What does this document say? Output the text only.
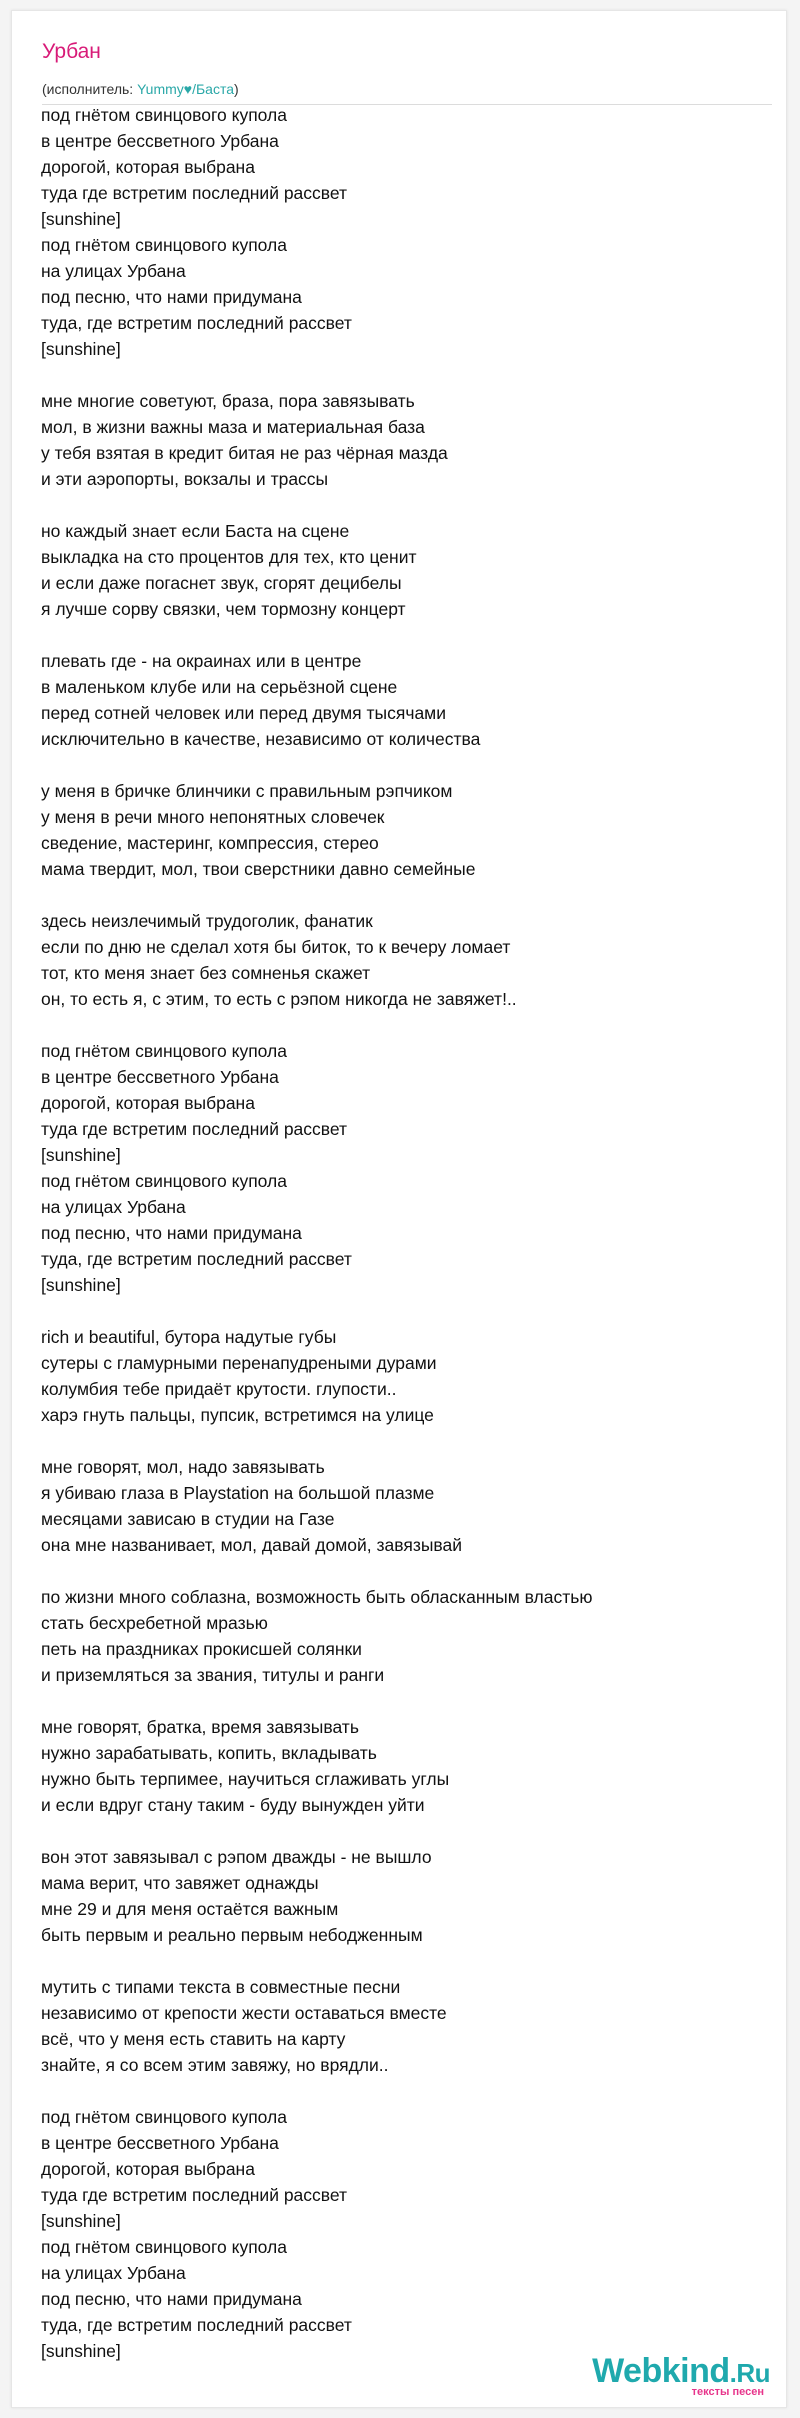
Урбан
(исполнитель: Yummy♥/Баста)
под гнётом свинцового купола
в центре бессветного Урбана
дорогой, которая выбрана
туда где встретим последний рассвет
[sunshine]
под гнётом свинцового купола
на улицах Урбана
под песню, что нами придумана
туда, где встретим последний рассвет
[sunshine]
мне многие советуют, браза, пора завязывать
мол, в жизни важны маза и материальная база
у тебя взятая в кредит битая не раз чёрная мазда
и эти аэропорты, вокзалы и трассы
но каждый знает если Баста на сцене
выкладка на сто процентов для тех, кто ценит
и если даже погаснет звук, сгорят децибелы
я лучше сорву связки, чем тормозну концерт
плевать где - на окраинах или в центре
в маленьком клубе или на серьёзной сцене
перед сотней человек или перед двумя тысячами
исключительно в качестве, независимо от количества
у меня в бричке блинчики с правильным рэпчиком
у меня в речи много непонятных словечек
сведение, мастеринг, компрессия, стерео
мама твердит, мол, твои сверстники давно семейные
здесь неизлечимый трудоголик, фанатик
если по дню не сделал хотя бы биток, то к вечеру ломает
тот, кто меня знает без сомненья скажет
он, то есть я, с этим, то есть с рэпом никогда не завяжет!..
под гнётом свинцового купола
в центре бессветного Урбана
дорогой, которая выбрана
туда где встретим последний рассвет
[sunshine]
под гнётом свинцового купола
на улицах Урбана
под песню, что нами придумана
туда, где встретим последний рассвет
[sunshine]
rich и beautiful, бутора надутые губы
сутеры с гламурными перенапудреными дурами
колумбия тебе придаёт крутости. глупости..
харэ гнуть пальцы, пупсик, встретимся на улице
мне говорят, мол, надо завязывать
я убиваю глаза в Playstation на большой плазме
месяцами зависаю в студии на Газе
она мне названивает, мол, давай домой, завязывай
по жизни много соблазна, возможность быть обласканным властью
стать бесхребетной мразью
петь на праздниках прокисшей солянки
и приземляться за звания, титулы и ранги
мне говорят, братка, время завязывать
нужно зарабатывать, копить, вкладывать
нужно быть терпимее, научиться сглаживать углы
и если вдруг стану таким - буду вынужден уйти
вон этот завязывал с рэпом дважды - не вышло
мама верит, что завяжет однажды
мне 29 и для меня остаётся важным
быть первым и реально первым небодженным
мутить с типами текста в совместные песни
независимо от крепости жести оставаться вместе
всё, что у меня есть ставить на карту
знайте, я со всем этим завяжу, но врядли..
под гнётом свинцового купола
в центре бессветного Урбана
дорогой, которая выбрана
туда где встретим последний рассвет
[sunshine]
под гнётом свинцового купола
на улицах Урбана
под песню, что нами придумана
туда, где встретим последний рассвет
[sunshine]
Webkind.Ru
тексты песен
